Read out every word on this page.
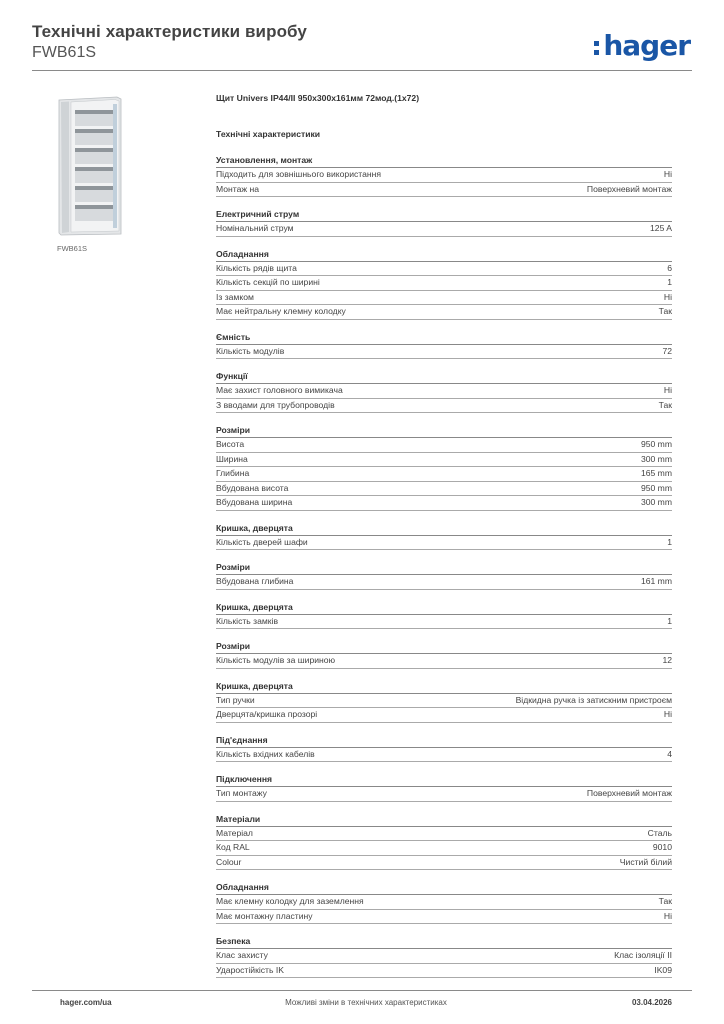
Технічні характеристики виробу
FWB61S	hager
FWB61S
Щит Univers IP44/II 950x300x161мм 72мод.(1x72)
Технічні характеристики
Установлення, монтаж
Підходить для зовнішнього використання	Ні
Монтаж на	Поверхневий монтаж
Електричний струм
Номінальний струм	125 A
Обладнання
Кількість рядів щита	6
Кількість секцій по ширині	1
Із замком	Ні
Має нейтральну клемну колодку	Так
Ємність
Кількість модулів	72
Функції
Має захист головного вимикача	Ні
З вводами для трубопроводів	Так
Розміри
Висота	950 mm
Ширина	300 mm
Глибина	165 mm
Вбудована висота	950 mm
Вбудована ширина	300 mm
Кришка, дверцята
Кількість дверей шафи	1
Розміри
Вбудована глибина	161 mm
Кришка, дверцята
Кількість замків	1
Розміри
Кількість модулів за шириною	12
Кришка, дверцята
Тип ручки	Відкидна ручка із затискним пристроєм
Дверцята/кришка прозорі	Ні
Під'єднання
Кількість вхідних кабелів	4
Підключення
Тип монтажу	Поверхневий монтаж
Матеріали
Матеріал	Сталь
Код RAL	9010
Colour	Чистий білий
Обладнання
Має клемну колодку для заземлення	Так
Має монтажну пластину	Ні
Безпека
Клас захисту	Клас ізоляції II
Ударостійкість IK	IK09
hager.com/ua	Можливі зміни в технічних характеристиках	03.04.2026
